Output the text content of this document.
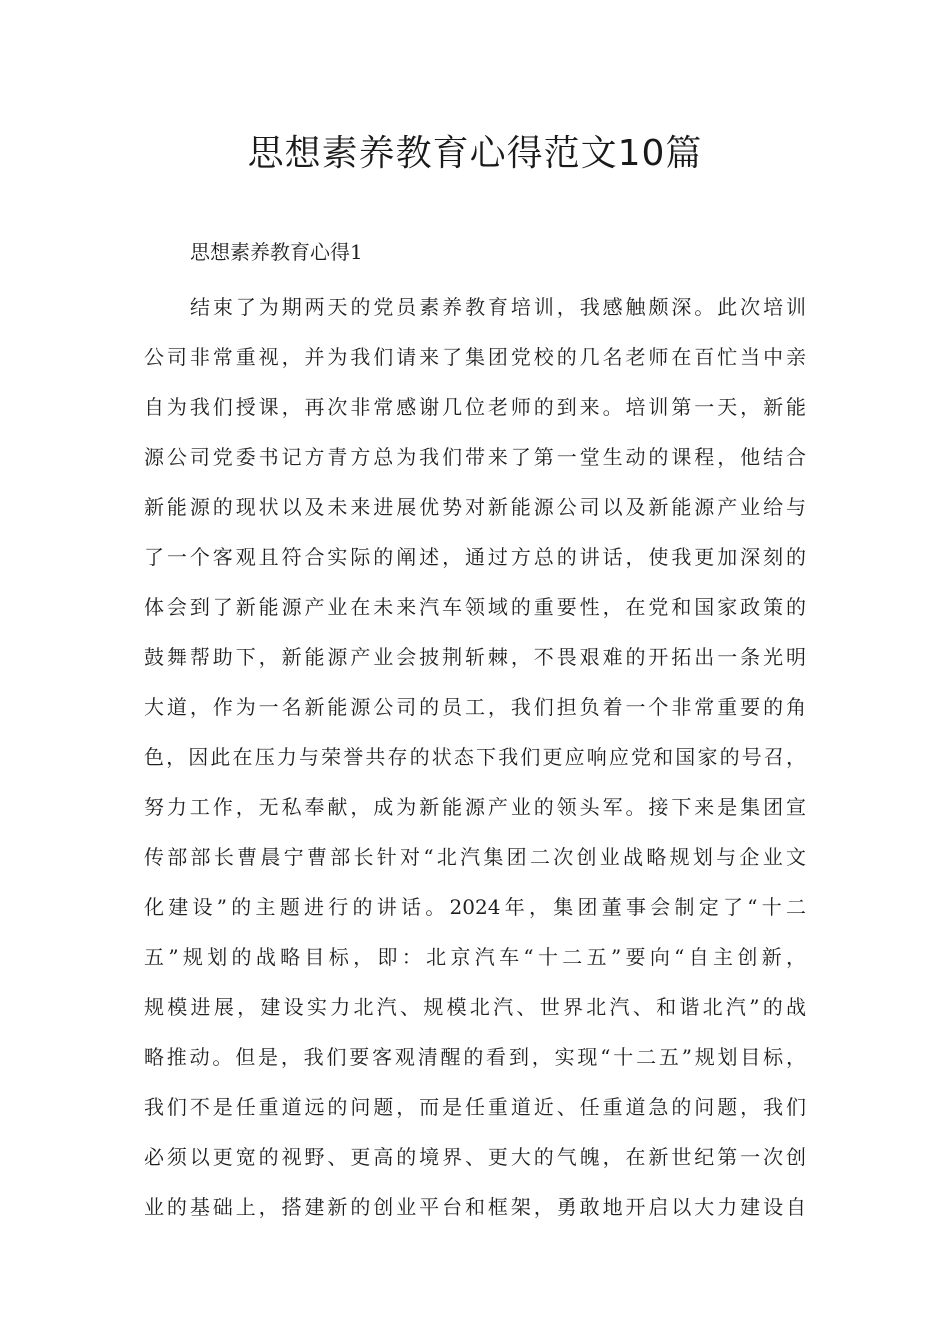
思想素养教育心得范文10篇
思想素养教育心得1
结束了为期两天的党员素养教育培训，我感触颇深。此次培训
公司非常重视，并为我们请来了集团党校的几名老师在百忙当中亲
自为我们授课，再次非常感谢几位老师的到来。培训第一天，新能
源公司党委书记方青方总为我们带来了第一堂生动的课程，他结合
新能源的现状以及未来进展优势对新能源公司以及新能源产业给与
了一个客观且符合实际的阐述，通过方总的讲话，使我更加深刻的
体会到了新能源产业在未来汽车领域的重要性，在党和国家政策的
鼓舞帮助下，新能源产业会披荆斩棘，不畏艰难的开拓出一条光明
大道，作为一名新能源公司的员工，我们担负着一个非常重要的角
色，因此在压力与荣誉共存的状态下我们更应响应党和国家的号召，
努力工作，无私奉献，成为新能源产业的领头军。接下来是集团宣
传部部长曹晨宁曹部长针对“北汽集团二次创业战略规划与企业文
化建设”的主题进行的讲话。2024年，集团董事会制定了“十二
五”规划的战略目标，即：北京汽车“十二五”要向“自主创新，
规模进展，建设实力北汽、规模北汽、世界北汽、和谐北汽”的战
略推动。但是，我们要客观清醒的看到，实现“十二五”规划目标，
我们不是任重道远的问题，而是任重道近、任重道急的问题，我们
必须以更宽的视野、更高的境界、更大的气魄，在新世纪第一次创
业的基础上，搭建新的创业平台和框架，勇敢地开启以大力建设自
